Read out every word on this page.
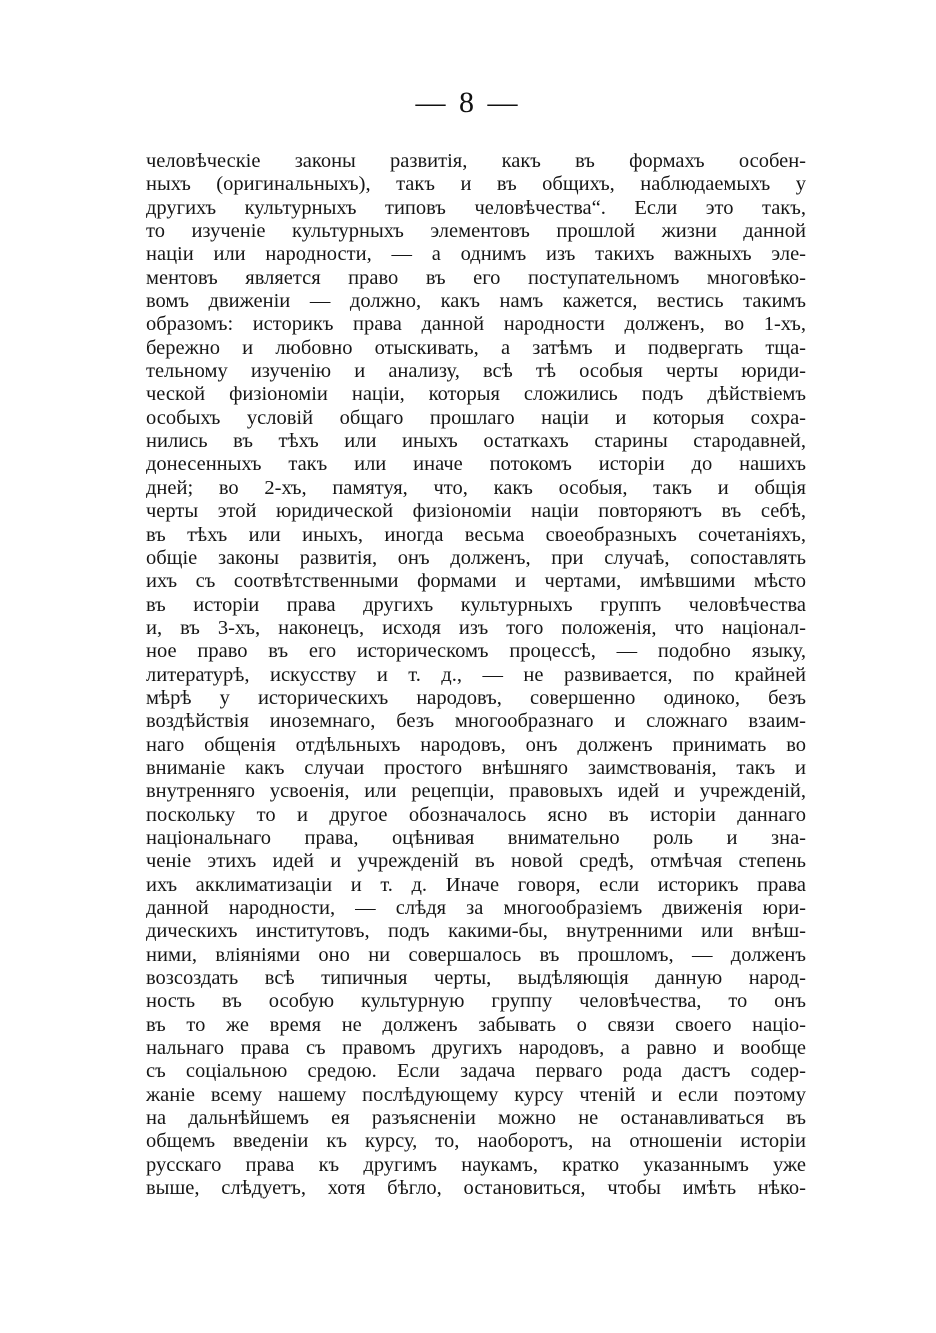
— 8 —
человѣческіе законы развитія, какъ въ формахъ особен-
ныхъ (оригинальныхъ), такъ и въ общихъ, наблюдаемыхъ у
другихъ культурныхъ типовъ человѣчества“. Если это такъ,
то изученіе культурныхъ элементовъ прошлой жизни данной
націи или народности, — а однимъ изъ такихъ важныхъ эле-
ментовъ является право въ его поступательномъ многовѣко-
вомъ движеніи — должно, какъ намъ кажется, вестись такимъ
образомъ: историкъ права данной народности долженъ, во 1-хъ,
бережно и любовно отыскивать, а затѣмъ и подвергать тща-
тельному изученію и анализу, всѣ тѣ особыя черты юриди-
ческой физіономіи націи, которыя сложились подъ дѣйствіемъ
особыхъ условій общаго прошлаго націи и которыя сохра-
нились въ тѣхъ или иныхъ остаткахъ старины стародавней,
донесенныхъ такъ или иначе потокомъ исторіи до нашихъ
дней; во 2-хъ, памятуя, что, какъ особыя, такъ и общія
черты этой юридической физіономіи націи повторяютъ въ себѣ,
въ тѣхъ или иныхъ, иногда весьма своеобразныхъ сочетаніяхъ,
общіе законы развитія, онъ долженъ, при случаѣ, сопоставлять
ихъ съ соотвѣтственными формами и чертами, имѣвшими мѣсто
въ исторіи права другихъ культурныхъ группъ человѣчества
и, въ 3-хъ, наконецъ, исходя изъ того положенія, что націонал-
ное право въ его историческомъ процессѣ, — подобно языку,
литературѣ, искусству и т. д., — не развивается, по крайней
мѣрѣ у историческихъ народовъ, совершенно одиноко, безъ
воздѣйствія иноземнаго, безъ многообразнаго и сложнаго взаим-
наго общенія отдѣльныхъ народовъ, онъ долженъ принимать во
вниманіе какъ случаи простого внѣшняго заимствованія, такъ и
внутренняго усвоенія, или рецепціи, правовыхъ идей и учрежденій,
поскольку то и другое обозначалось ясно въ исторіи даннаго
національнаго права, оцѣнивая внимательно роль и зна-
ченіе этихъ идей и учрежденій въ новой средѣ, отмѣчая степень
ихъ акклиматизаціи и т. д. Иначе говоря, если историкъ права
данной народности, — слѣдя за многообразіемъ движенія юри-
дическихъ институтовъ, подъ какими-бы, внутренними или внѣш-
ними, вліяніями оно ни совершалось въ прошломъ, — долженъ
возсоздать всѣ типичныя черты, выдѣляющія данную народ-
ность въ особую культурную группу человѣчества, то онъ
въ то же время не долженъ забывать о связи своего націо-
нальнаго права съ правомъ другихъ народовъ, а равно и вообще
съ соціальною средою. Если задача перваго рода дастъ содер-
жаніе всему нашему послѣдующему курсу чтеній и если поэтому
на дальнѣйшемъ ея разъясненіи можно не останавливаться въ
общемъ введеніи къ курсу, то, наоборотъ, на отношеніи исторіи
русскаго права къ другимъ наукамъ, кратко указаннымъ уже
выше, слѣдуетъ, хотя бѣгло, остановиться, чтобы имѣть нѣко-
